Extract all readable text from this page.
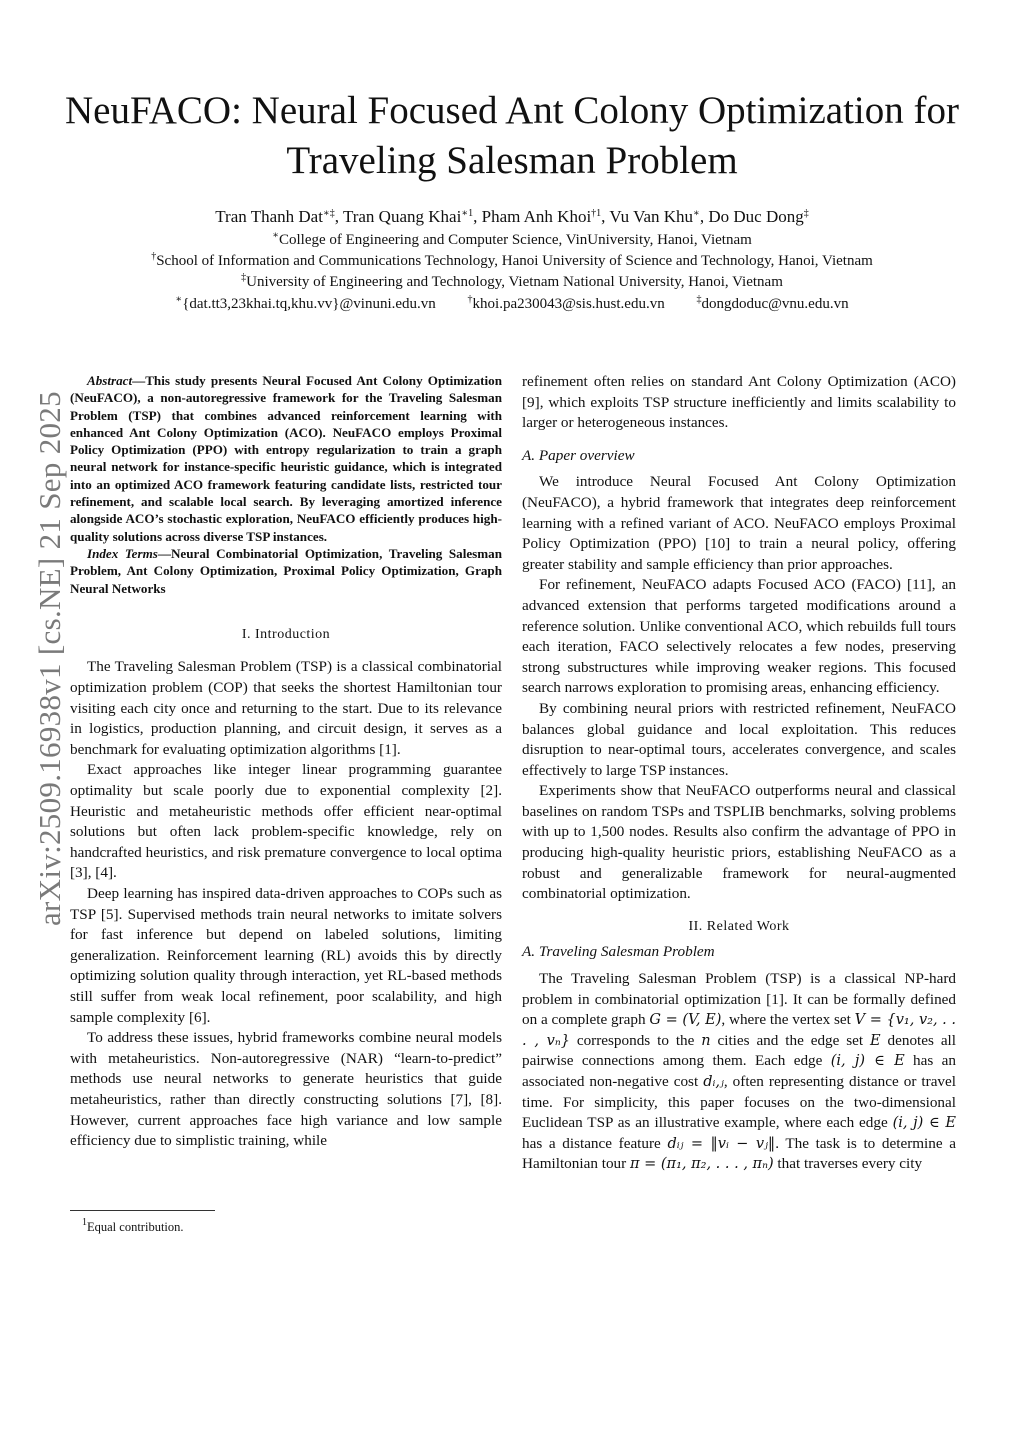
NeuFACO: Neural Focused Ant Colony Optimization for Traveling Salesman Problem

Tran Thanh Dat∗‡, Tran Quang Khai$^{∗1}$, Pham Anh Khoi$^{\dagger 1}$, Vu Van Khu∗, Do Duc Dong‡

∗College of Engineering and Computer Science, VinUniversity, Hanoi, Vietnam

†School of Information and Communications Technology, Hanoi University of Science and Technology, Hanoi, Vietnam

‡University of Engineering and Technology, Vietnam National University, Hanoi, Vietnam

∗{dat.tt3,23khai.tq,khu.vv}@vinuni.edu.vn	†khoi.pa230043@sis.hust.edu.vn	‡dongdoduc@vnu.edu.vn

arXiv:2509.16938v1 [cs.NE] 21 Sep 2025

Abstract—This study presents Neural Focused Ant Colony Optimization (NeuFACO), a non-autoregressive framework for the Traveling Salesman Problem (TSP) that combines advanced reinforcement learning with enhanced Ant Colony Optimization (ACO). NeuFACO employs Proximal Policy Optimization (PPO) with entropy regularization to train a graph neural network for instance-specific heuristic guidance, which is integrated into an optimized ACO framework featuring candidate lists, restricted tour refinement, and scalable local search. By leveraging amortized inference alongside ACO’s stochastic exploration, NeuFACO efficiently produces high-quality solutions across diverse TSP instances.

Index Terms—Neural Combinatorial Optimization, Traveling Salesman Problem, Ant Colony Optimization, Proximal Policy Optimization, Graph Neural Networks

I. Introduction

The Traveling Salesman Problem (TSP) is a classical combinatorial optimization problem (COP) that seeks the shortest Hamiltonian tour visiting each city once and returning to the start. Due to its relevance in logistics, production planning, and circuit design, it serves as a benchmark for evaluating optimization algorithms [1].

Exact approaches like integer linear programming guarantee optimality but scale poorly due to exponential complexity [2]. Heuristic and metaheuristic methods offer efficient near-optimal solutions but often lack problem-specific knowledge, rely on handcrafted heuristics, and risk premature convergence to local optima [3], [4].

Deep learning has inspired data-driven approaches to COPs such as TSP [5]. Supervised methods train neural networks to imitate solvers for fast inference but depend on labeled solutions, limiting generalization. Reinforcement learning (RL) avoids this by directly optimizing solution quality through interaction, yet RL-based methods still suffer from weak local refinement, poor scalability, and high sample complexity [6].

To address these issues, hybrid frameworks combine neural models with metaheuristics. Non-autoregressive (NAR) “learn-to-predict” methods use neural networks to generate heuristics that guide metaheuristics, rather than directly constructing solutions [7], [8]. However, current approaches face high variance and low sample efficiency due to simplistic training, while

$^1$Equal contribution.

refinement often relies on standard Ant Colony Optimization (ACO) [9], which exploits TSP structure inefficiently and limits scalability to larger or heterogeneous instances.

A. Paper overview

We introduce Neural Focused Ant Colony Optimization (NeuFACO), a hybrid framework that integrates deep reinforcement learning with a refined variant of ACO. NeuFACO employs Proximal Policy Optimization (PPO) [10] to train a neural policy, offering greater stability and sample efficiency than prior approaches.

For refinement, NeuFACO adapts Focused ACO (FACO) [11], an advanced extension that performs targeted modifications around a reference solution. Unlike conventional ACO, which rebuilds full tours each iteration, FACO selectively relocates a few nodes, preserving strong substructures while improving weaker regions. This focused search narrows exploration to promising areas, enhancing efficiency.

By combining neural priors with restricted refinement, NeuFACO balances global guidance and local exploitation. This reduces disruption to near-optimal tours, accelerates convergence, and scales effectively to large TSP instances.

Experiments show that NeuFACO outperforms neural and classical baselines on random TSPs and TSPLIB benchmarks, solving problems with up to 1,500 nodes. Results also confirm the advantage of PPO in producing high-quality heuristic priors, establishing NeuFACO as a robust and generalizable framework for neural-augmented combinatorial optimization.

II. Related Work

A. Traveling Salesman Problem

The Traveling Salesman Problem (TSP) is a classical NP-hard problem in combinatorial optimization [1]. It can be formally defined on a complete graph G = (V, E), where the vertex set V = {v₁, v₂, . . . , vₙ} corresponds to the n cities and the edge set E denotes all pairwise connections among them. Each edge (i, j) ∈ E has an associated non-negative cost dᵢ,ⱼ, often representing distance or travel time. For simplicity, this paper focuses on the two-dimensional Euclidean TSP as an illustrative example, where each edge (i, j) ∈ E has a distance feature dᵢⱼ = ‖vᵢ − vⱼ‖. The task is to determine a Hamiltonian tour π = (π₁, π₂, . . . , πₙ) that traverses every city
